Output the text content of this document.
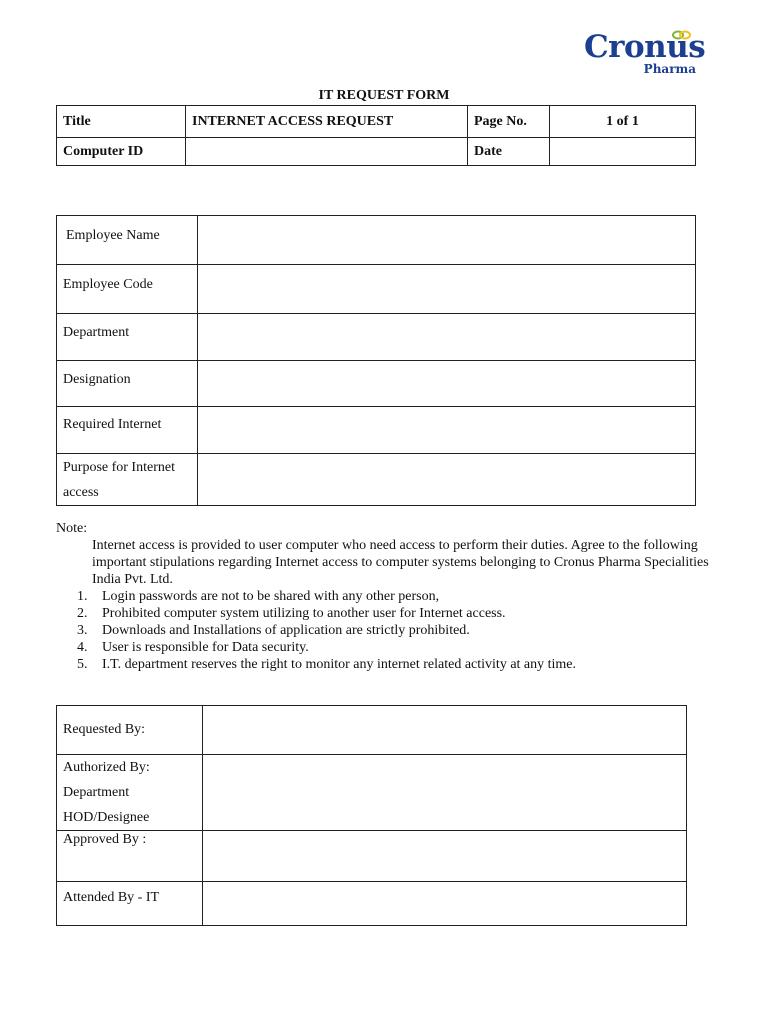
Cronus
Pharma
IT REQUEST FORM
Title	INTERNET ACCESS REQUEST	Page No.	1 of 1
Computer ID		Date	
Employee Name	
Employee Code	
Department	
Designation	
Required Internet	

Purpose for Internet
access	

Note:
Internet access is provided to user computer who need access to perform their duties. Agree to the following important stipulations regarding Internet access to computer systems belonging to Cronus Pharma Specialities India Pvt. Ltd.
1.	Login passwords are not to be shared with any other person,
2.	Prohibited computer system utilizing to another user for Internet access.
3.	Downloads and Installations of application are strictly prohibited.
4.	User is responsible for Data security.
5.	I.T. department reserves the right to monitor any internet related activity at any time.
Requested By:	

Authorized By:
Department
HOD/Designee	

Approved By :	
Attended By - IT	
